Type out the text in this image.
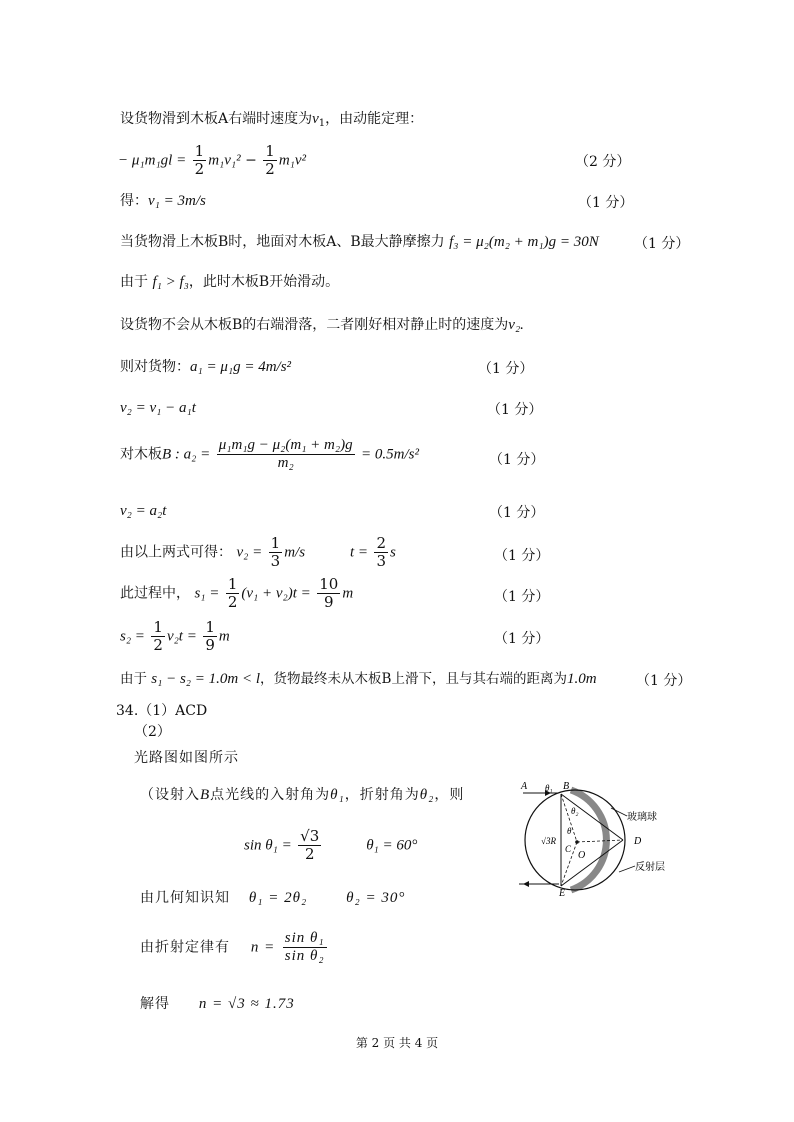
设货物滑到木板A右端时速度为$v_1$，由动能定理：
− $\mu_1m_1gl = \frac{1}{2} m_1v_1^2 - \frac{1}{2} m_1v^2$	（2 分）
得：v₁ = 3m/s	（1 分）
当货物滑上木板B时，地面对木板A、B最大静摩擦力 f₃ = μ₂(m₂ + m₁)g = 30N	（1 分）
由于 f₁ > f₃，此时木板B开始滑动。
设货物不会从木板B的右端滑落，二者刚好相对静止时的速度为v₂.
则对货物：a₁ = μ₁g = 4m/s²	（1 分）
v₂ = v₁ − a₁t	（1 分）
对木板B : $a_2 = \frac{\text{μ₁m₁g − μ₂(m₁ + m₂)g}}{\text{m₂}} = 0.5m/s^2$	（1 分）
v₂ = a₂t	（1 分）
由以上两式可得： $v_2 = \frac{1}{3} m/s$	$t = \frac{2}{3}$ s	（1 分）
此过程中， $s_1 = \frac{1}{2} (v_1 + v_2)t = \frac{10}{9}$ m	（1 分）
$s_2 = \frac{1}{2} v_2t = \frac{1}{9}$ m	（1 分）
由于 s₁ − s₂ = 1.0m < l，货物最终未从木板B上滑下，且与其右端的距离为1.0m	（1 分）
34.（1）ACD
（2）
光路图如图所示
（设射入B点光线的入射角为θ₁，折射角为θ₂，则
$\sin \theta_1 = \frac{√3}{2}$	θ₁ = 60°
由几何知识知 θ₁ = 2θ₂	θ₂ = 30°
由折射定律有 $n = \frac{\text{sin θ₁}}{\text{sin θ₂}}$
解得 n = √3 ≈ 1.73
A θ₁ B
θ₂
θ
√3R
C
O
D
E
玻璃球
反射层
第 2 页 共 4 页
